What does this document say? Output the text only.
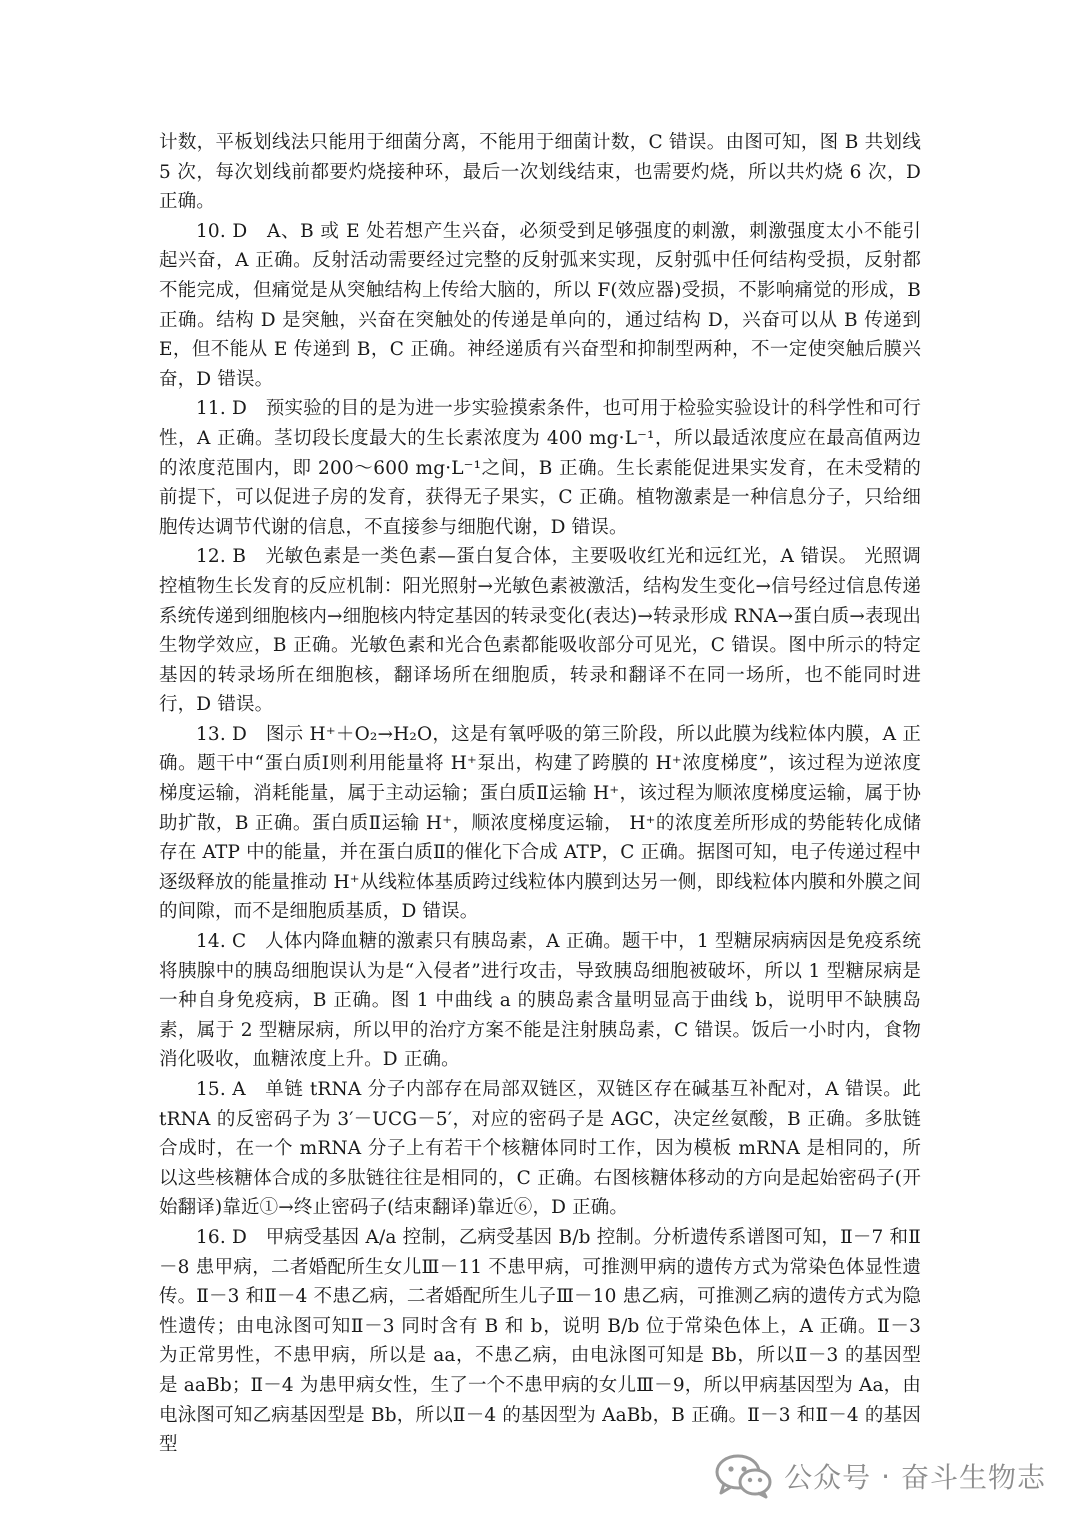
计数，平板划线法只能用于细菌分离，不能用于细菌计数，C 错误。由图可知，图 B 共划线 5 次，每次划线前都要灼烧接种环，最后一次划线结束，也需要灼烧，所以共灼烧 6 次，D 正确。

10. D　A、B 或 E 处若想产生兴奋，必须受到足够强度的刺激，刺激强度太小不能引起兴奋，A 正确。反射活动需要经过完整的反射弧来实现，反射弧中任何结构受损，反射都不能完成，但痛觉是从突触结构上传给大脑的，所以 F(效应器)受损，不影响痛觉的形成，B 正确。结构 D 是突触，兴奋在突触处的传递是单向的，通过结构 D，兴奋可以从 B 传递到 E，但不能从 E 传递到 B，C 正确。神经递质有兴奋型和抑制型两种，不一定使突触后膜兴奋，D 错误。

11. D　预实验的目的是为进一步实验摸索条件，也可用于检验实验设计的科学性和可行性，A 正确。茎切段长度最大的生长素浓度为 400 mg·L⁻¹，所以最适浓度应在最高值两边的浓度范围内，即 200～600 mg·L⁻¹之间，B 正确。生长素能促进果实发育，在未受精的前提下，可以促进子房的发育，获得无子果实，C 正确。植物激素是一种信息分子，只给细胞传达调节代谢的信息，不直接参与细胞代谢，D 错误。

12. B　光敏色素是一类色素—蛋白复合体，主要吸收红光和远红光，A 错误。 光照调控植物生长发育的反应机制：阳光照射→光敏色素被激活，结构发生变化→信号经过信息传递系统传递到细胞核内→细胞核内特定基因的转录变化(表达)→转录形成 RNA→蛋白质→表现出生物学效应，B 正确。光敏色素和光合色素都能吸收部分可见光，C 错误。图中所示的特定基因的转录场所在细胞核，翻译场所在细胞质，转录和翻译不在同一场所，也不能同时进行，D 错误。

13. D　图示 H⁺＋O₂→H₂O，这是有氧呼吸的第三阶段，所以此膜为线粒体内膜，A 正确。题干中“蛋白质Ⅰ则利用能量将 H⁺泵出，构建了跨膜的 H⁺浓度梯度”，该过程为逆浓度梯度运输，消耗能量，属于主动运输；蛋白质Ⅱ运输 H⁺，该过程为顺浓度梯度运输，属于协助扩散，B 正确。蛋白质Ⅱ运输 H⁺，顺浓度梯度运输， H⁺的浓度差所形成的势能转化成储存在 ATP 中的能量，并在蛋白质Ⅱ的催化下合成 ATP，C 正确。据图可知，电子传递过程中逐级释放的能量推动 H⁺从线粒体基质跨过线粒体内膜到达另一侧，即线粒体内膜和外膜之间的间隙，而不是细胞质基质，D 错误。

14. C　人体内降血糖的激素只有胰岛素，A 正确。题干中，1 型糖尿病病因是免疫系统将胰腺中的胰岛细胞误认为是“入侵者”进行攻击，导致胰岛细胞被破坏，所以 1 型糖尿病是一种自身免疫病，B 正确。图 1 中曲线 a 的胰岛素含量明显高于曲线 b，说明甲不缺胰岛素，属于 2 型糖尿病，所以甲的治疗方案不能是注射胰岛素，C 错误。饭后一小时内，食物消化吸收，血糖浓度上升。D 正确。

15. A　单链 tRNA 分子内部存在局部双链区，双链区存在碱基互补配对，A 错误。此 tRNA 的反密码子为 3′－UCG－5′，对应的密码子是 AGC，决定丝氨酸，B 正确。多肽链合成时，在一个 mRNA 分子上有若干个核糖体同时工作，因为模板 mRNA 是相同的，所以这些核糖体合成的多肽链往往是相同的，C 正确。右图核糖体移动的方向是起始密码子(开始翻译)靠近①→终止密码子(结束翻译)靠近⑥，D 正确。

16. D　甲病受基因 A/a 控制，乙病受基因 B/b 控制。分析遗传系谱图可知，Ⅱ－7 和Ⅱ－8 患甲病，二者婚配所生女儿Ⅲ－11 不患甲病，可推测甲病的遗传方式为常染色体显性遗传。Ⅱ－3 和Ⅱ－4 不患乙病，二者婚配所生儿子Ⅲ－10 患乙病，可推测乙病的遗传方式为隐性遗传；由电泳图可知Ⅱ－3 同时含有 B 和 b，说明 B/b 位于常染色体上，A 正确。Ⅱ－3 为正常男性，不患甲病，所以是 aa，不患乙病，由电泳图可知是 Bb，所以Ⅱ－3 的基因型是 aaBb；Ⅱ－4 为患甲病女性，生了一个不患甲病的女儿Ⅲ－9，所以甲病基因型为 Aa，由电泳图可知乙病基因型是 Bb，所以Ⅱ－4 的基因型为 AaBb，B 正确。Ⅱ－3 和Ⅱ－4 的基因型

公众号 · 奋斗生物志
